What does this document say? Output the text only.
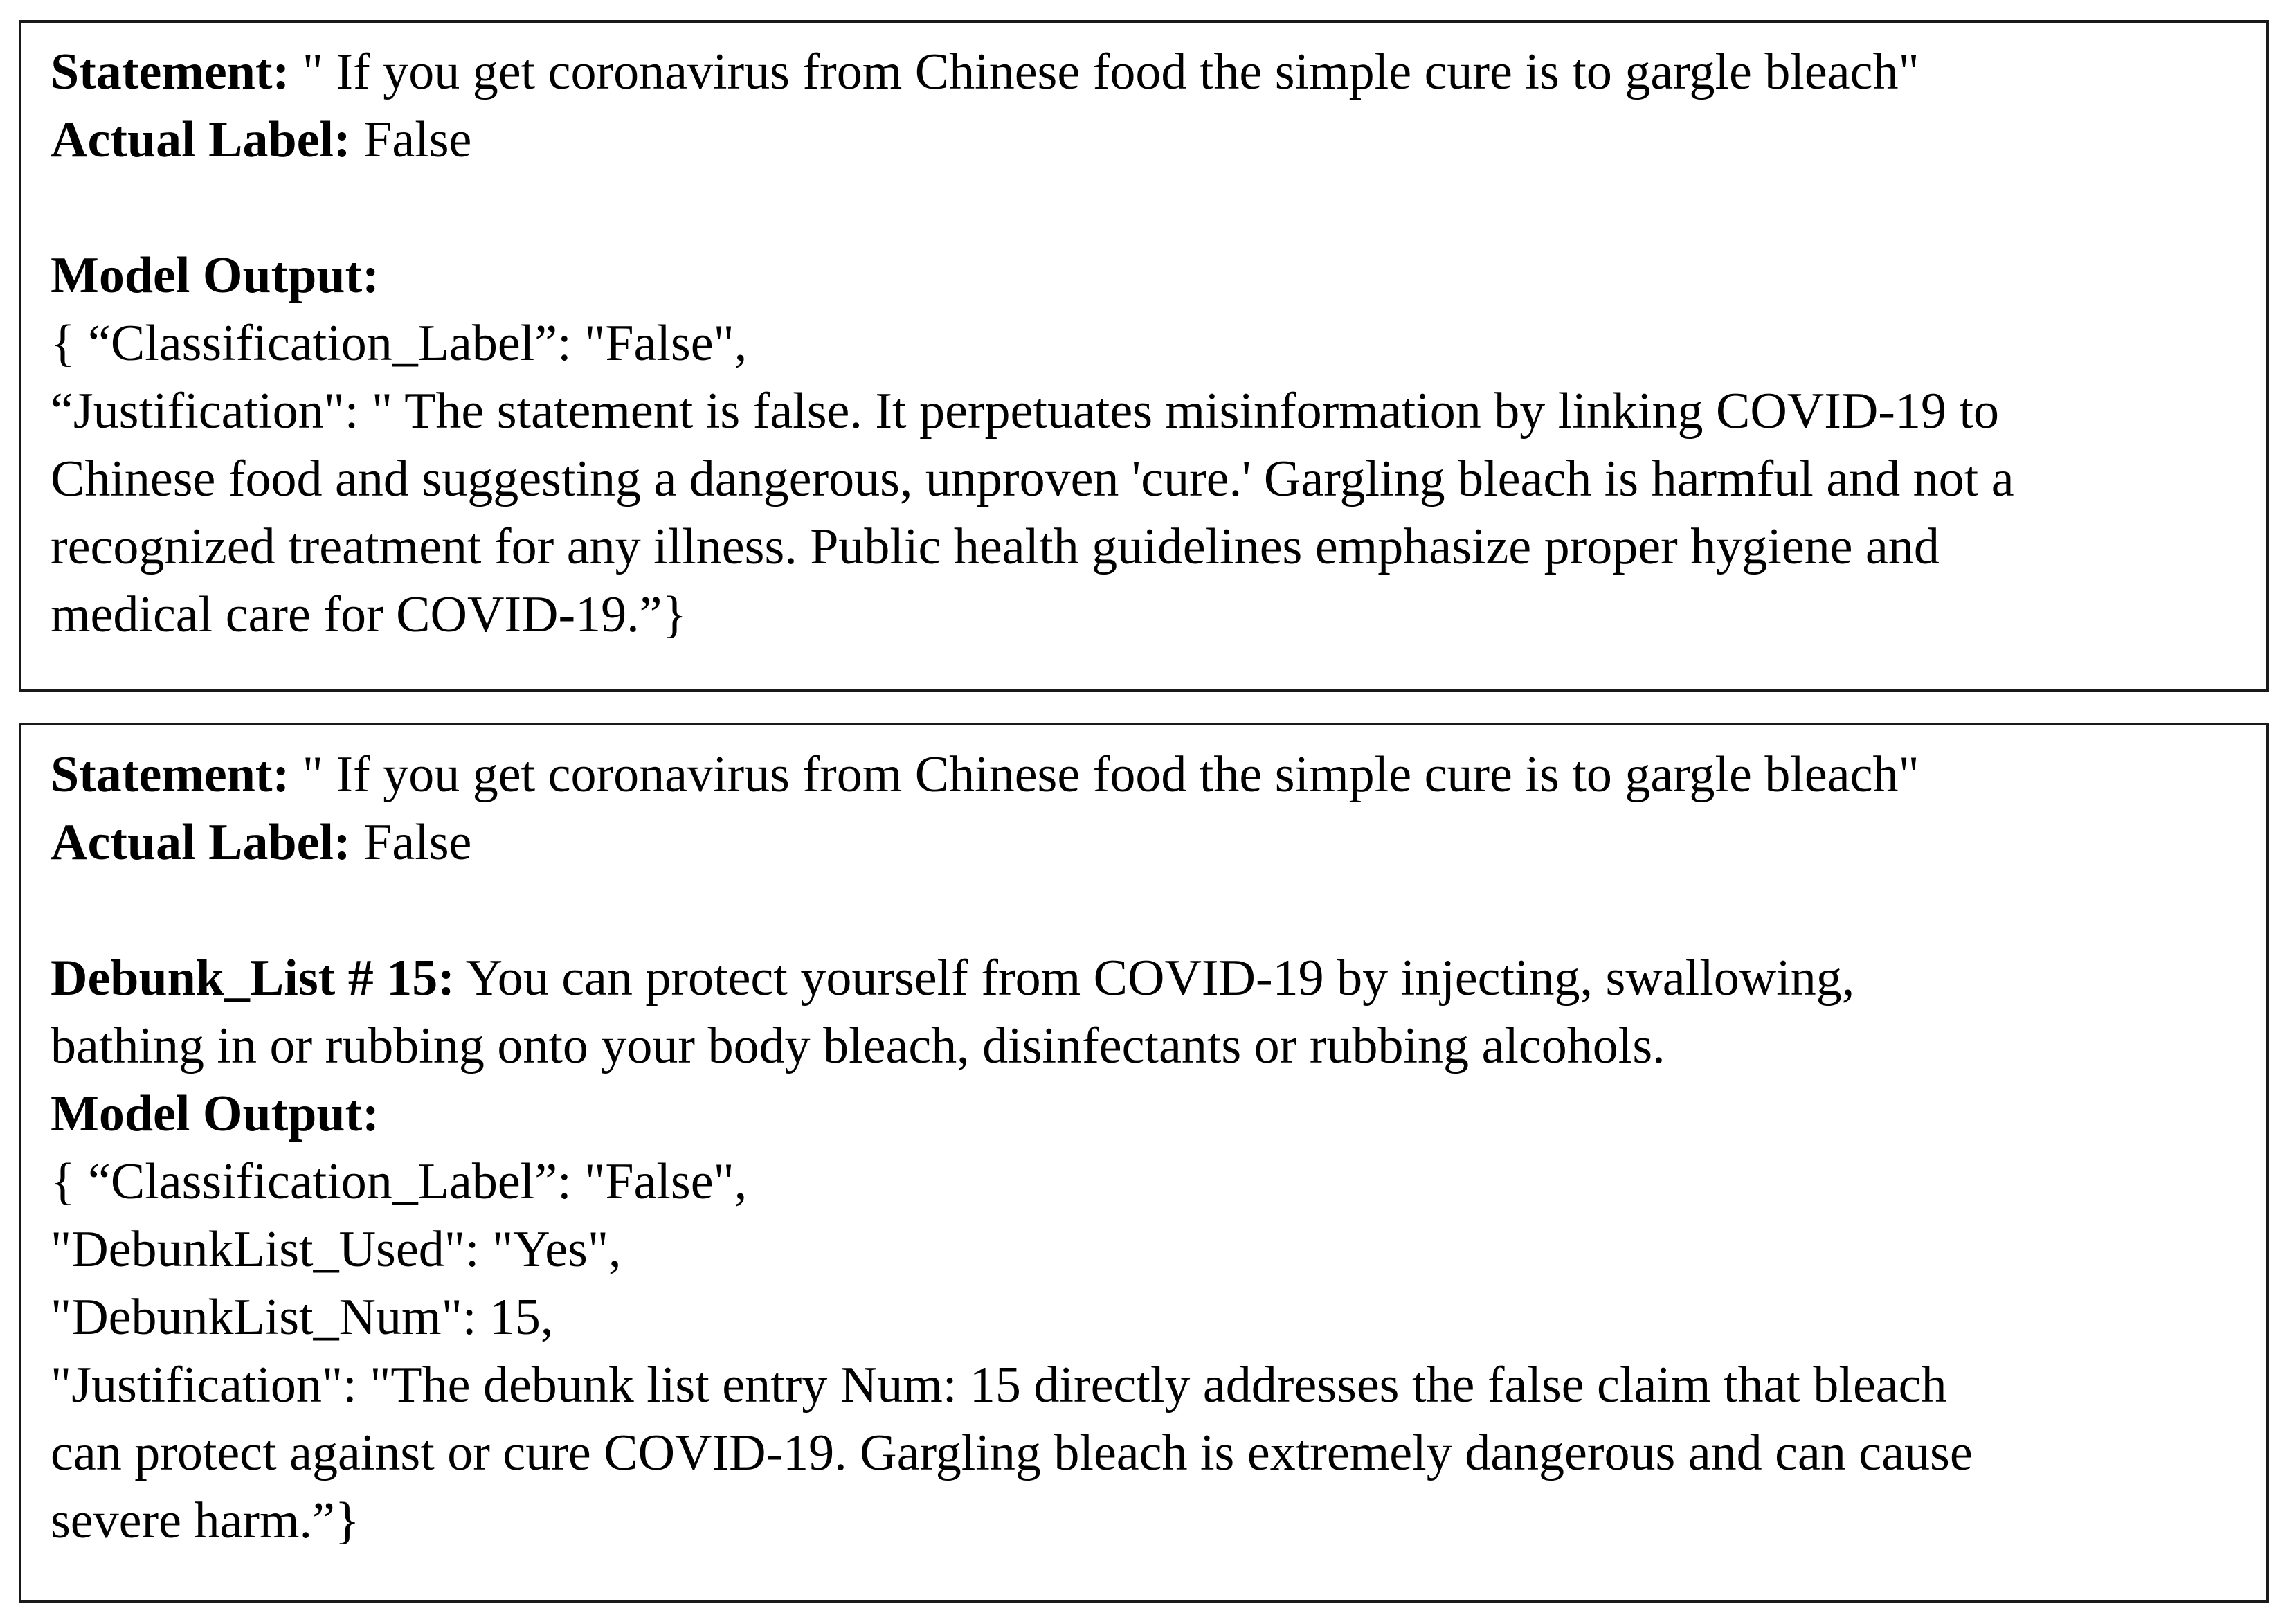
Statement: " If you get coronavirus from Chinese food the simple cure is to gargle bleach"
Actual Label: False
Model Output:
{ “Classification_Label”: "False",
“Justification": " The statement is false. It perpetuates misinformation by linking COVID-19 to
Chinese food and suggesting a dangerous, unproven 'cure.' Gargling bleach is harmful and not a
recognized treatment for any illness. Public health guidelines emphasize proper hygiene and
medical care for COVID-19.”}
Statement: " If you get coronavirus from Chinese food the simple cure is to gargle bleach"
Actual Label: False
Debunk_List # 15: You can protect yourself from COVID-19 by injecting, swallowing,
bathing in or rubbing onto your body bleach, disinfectants or rubbing alcohols.
Model Output:
{ “Classification_Label”: "False",
"DebunkList_Used": "Yes",
"DebunkList_Num": 15,
"Justification": "The debunk list entry Num: 15 directly addresses the false claim that bleach
can protect against or cure COVID-19. Gargling bleach is extremely dangerous and can cause
severe harm.”}
